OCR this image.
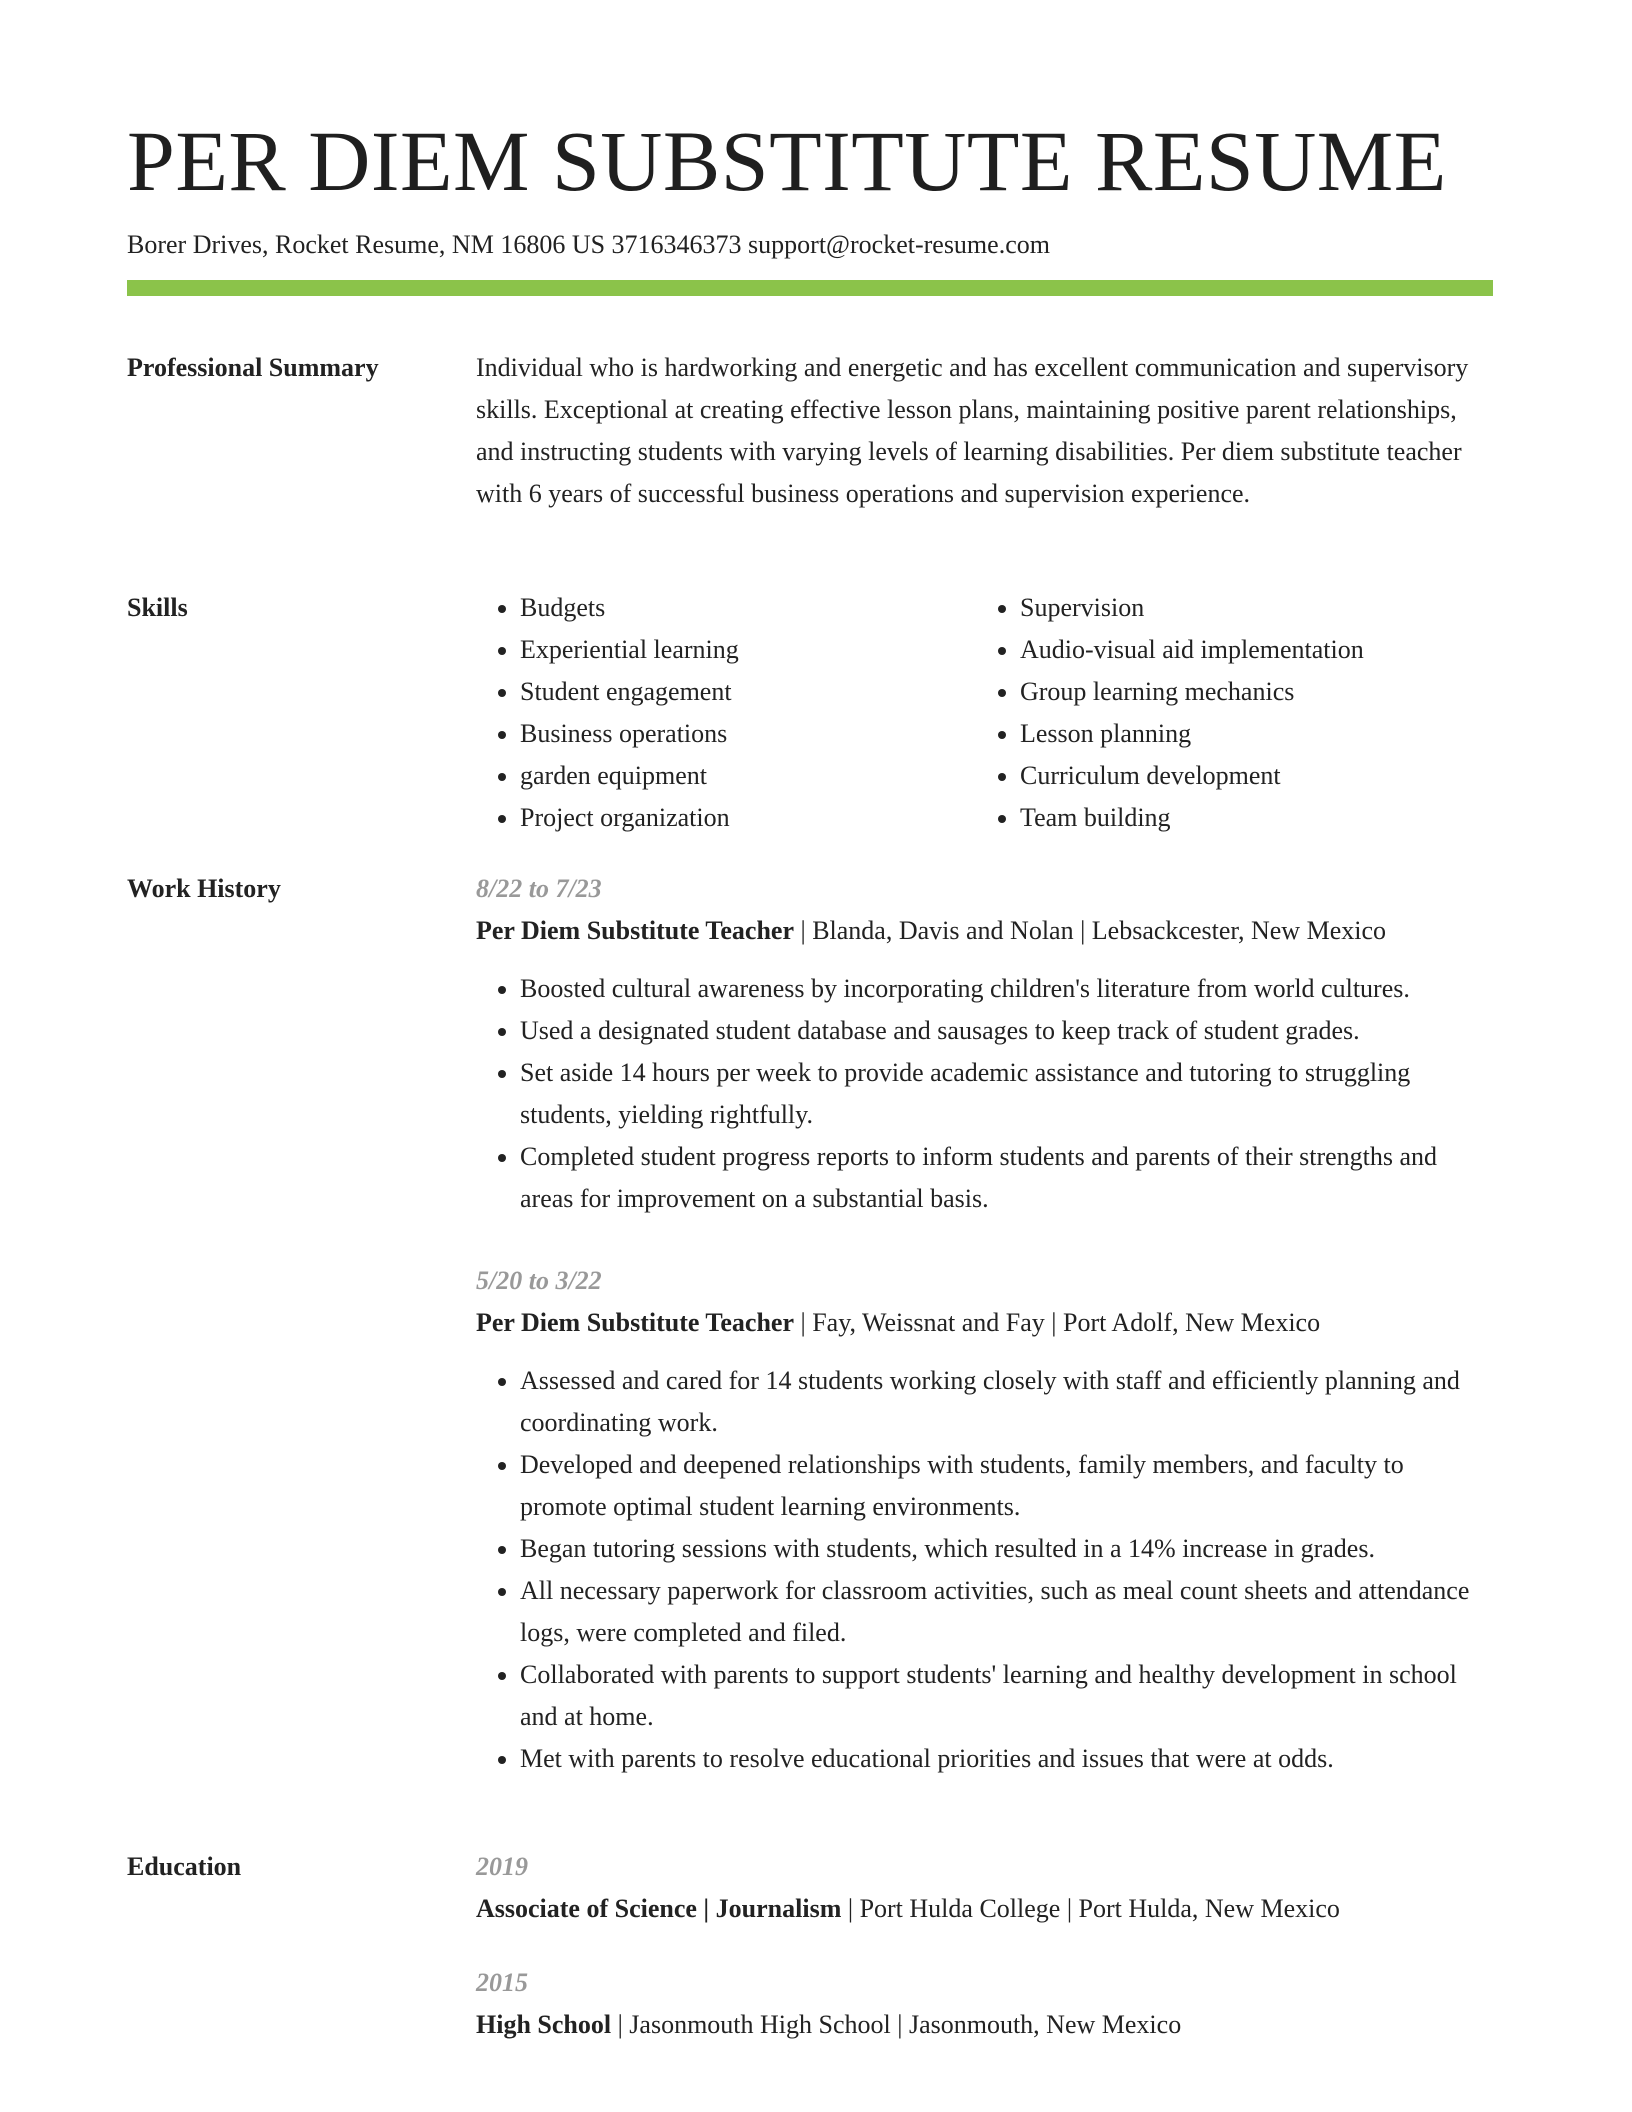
PER DIEM SUBSTITUTE RESUME
Borer Drives, Rocket Resume, NM 16806 US 3716346373 support@rocket-resume.com
Professional Summary	Individual who is hardworking and energetic and has excellent communication and supervisory skills. Exceptional at creating effective lesson plans, maintaining positive parent relationships, and instructing students with varying levels of learning disabilities. Per diem substitute teacher with 6 years of successful business operations and supervision experience.

Skills
•	Budgets
• Experiential learning
• Student engagement
• Business operations
• garden equipment
• Project organization
• Supervision
• Audio-visual aid implementation
• Group learning mechanics
• Lesson planning
• Curriculum development
• Team building
Work History	8/22 to 7/23
Per Diem Substitute Teacher | Blanda, Davis and Nolan | Lebsackcester, New Mexico
• Boosted cultural awareness by incorporating children's literature from world cultures.
• Used a designated student database and sausages to keep track of student grades.
• Set aside 14 hours per week to provide academic assistance and tutoring to struggling students, yielding rightfully.
• Completed student progress reports to inform students and parents of their strengths and areas for improvement on a substantial basis.
5/20 to 3/22
Per Diem Substitute Teacher | Fay, Weissnat and Fay | Port Adolf, New Mexico
• Assessed and cared for 14 students working closely with staff and efficiently planning and coordinating work.
• Developed and deepened relationships with students, family members, and faculty to promote optimal student learning environments.
• Began tutoring sessions with students, which resulted in a 14% increase in grades.
• All necessary paperwork for classroom activities, such as meal count sheets and attendance logs, were completed and filed.
• Collaborated with parents to support students' learning and healthy development in school and at home.
• Met with parents to resolve educational priorities and issues that were at odds.
Education	2019
Associate of Science | Journalism | Port Hulda College | Port Hulda, New Mexico
2015
High School | Jasonmouth High School | Jasonmouth, New Mexico
